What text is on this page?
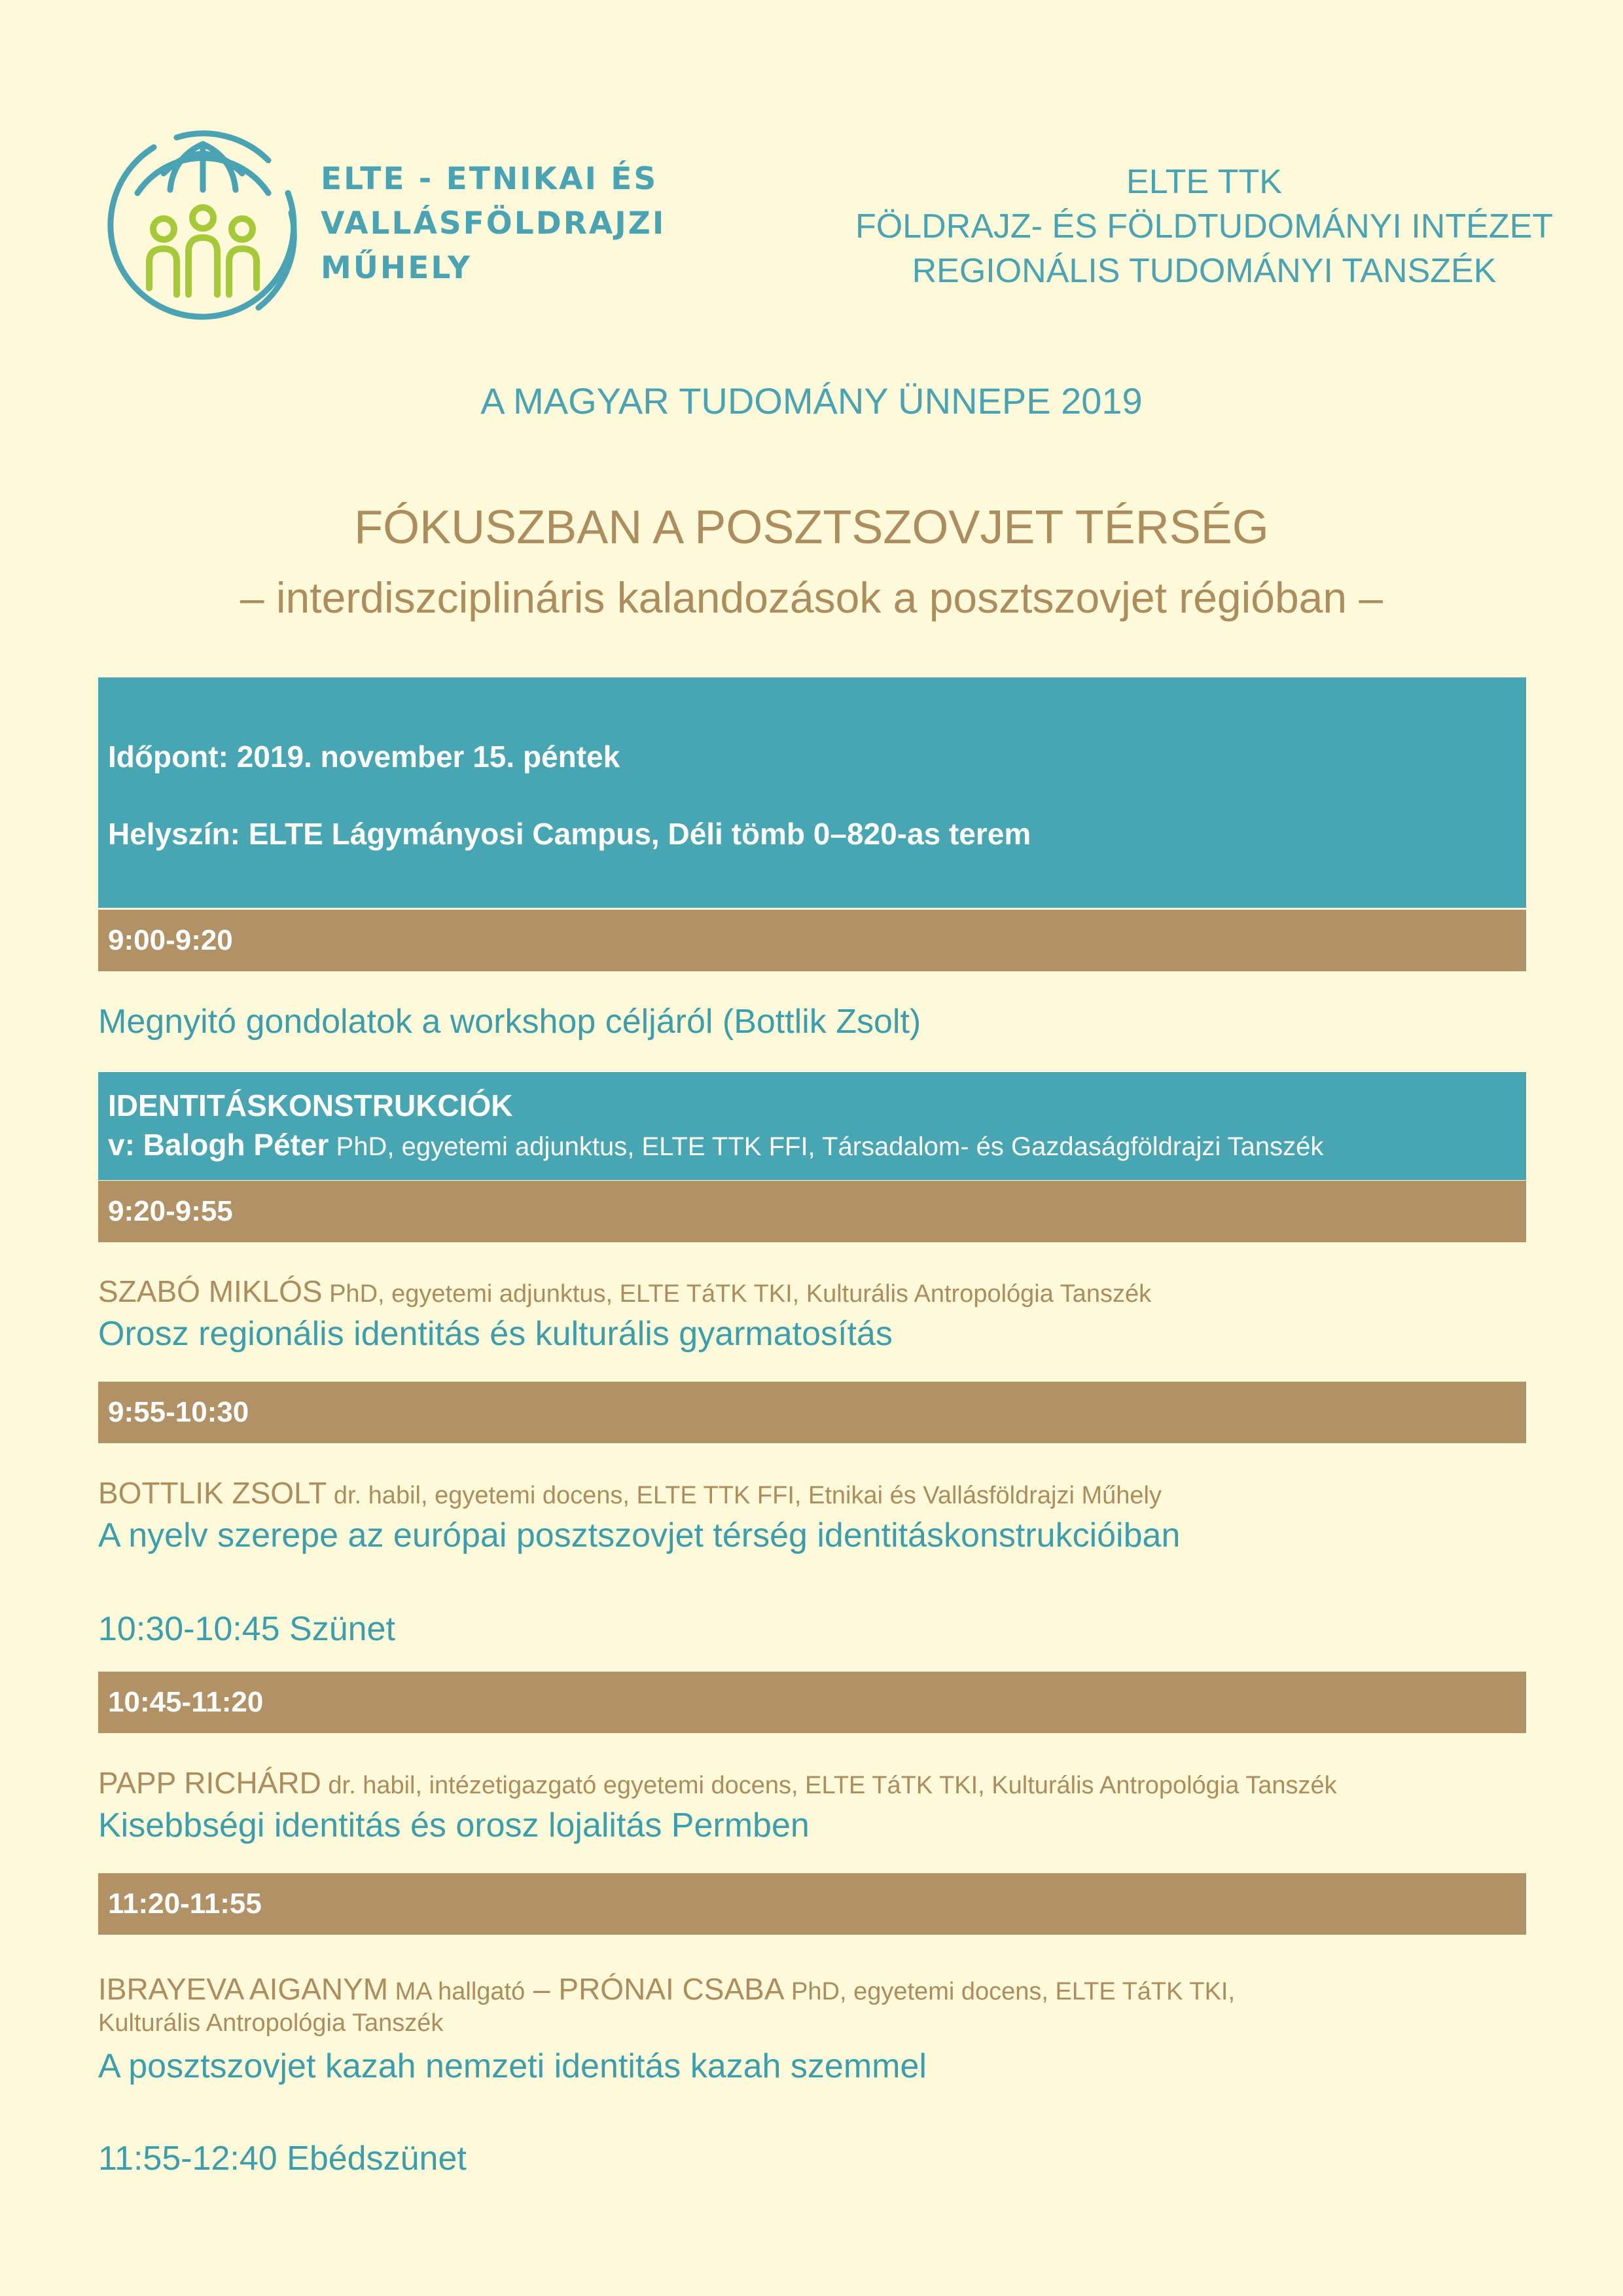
ELTE - ETNIKAI ÉS
VALLÁSFÖLDRAJZI
MŰHELY
ELTE TTK
FÖLDRAJZ- ÉS FÖLDTUDOMÁNYI INTÉZET
REGIONÁLIS TUDOMÁNYI TANSZÉK
A MAGYAR TUDOMÁNY ÜNNEPE 2019
FÓKUSZBAN A POSZTSZOVJET TÉRSÉG
– interdiszciplináris kalandozások a posztszovjet régióban –
Időpont: 2019. november 15. péntek
Helyszín: ELTE Lágymányosi Campus, Déli tömb 0–820-as terem
9:00-9:20
Megnyitó gondolatok a workshop céljáról (Bottlik Zsolt)
IDENTITÁSKONSTRUKCIÓK
v: Balogh Péter PhD, egyetemi adjunktus, ELTE TTK FFI, Társadalom- és Gazdaságföldrajzi Tanszék
9:20-9:55
SZABÓ MIKLÓS PhD, egyetemi adjunktus, ELTE TáTK TKI, Kulturális Antropológia Tanszék
Orosz regionális identitás és kulturális gyarmatosítás
9:55-10:30
BOTTLIK ZSOLT dr. habil, egyetemi docens, ELTE TTK FFI, Etnikai és Vallásföldrajzi Műhely
A nyelv szerepe az európai posztszovjet térség identitáskonstrukcióiban
10:30-10:45 Szünet
10:45-11:20
PAPP RICHÁRD dr. habil, intézetigazgató egyetemi docens, ELTE TáTK TKI, Kulturális Antropológia Tanszék
Kisebbségi identitás és orosz lojalitás Permben
11:20-11:55
IBRAYEVA AIGANYM MA hallgató – PRÓNAI CSABA PhD, egyetemi docens, ELTE TáTK TKI,
Kulturális Antropológia Tanszék
A posztszovjet kazah nemzeti identitás kazah szemmel
11:55-12:40 Ebédszünet
